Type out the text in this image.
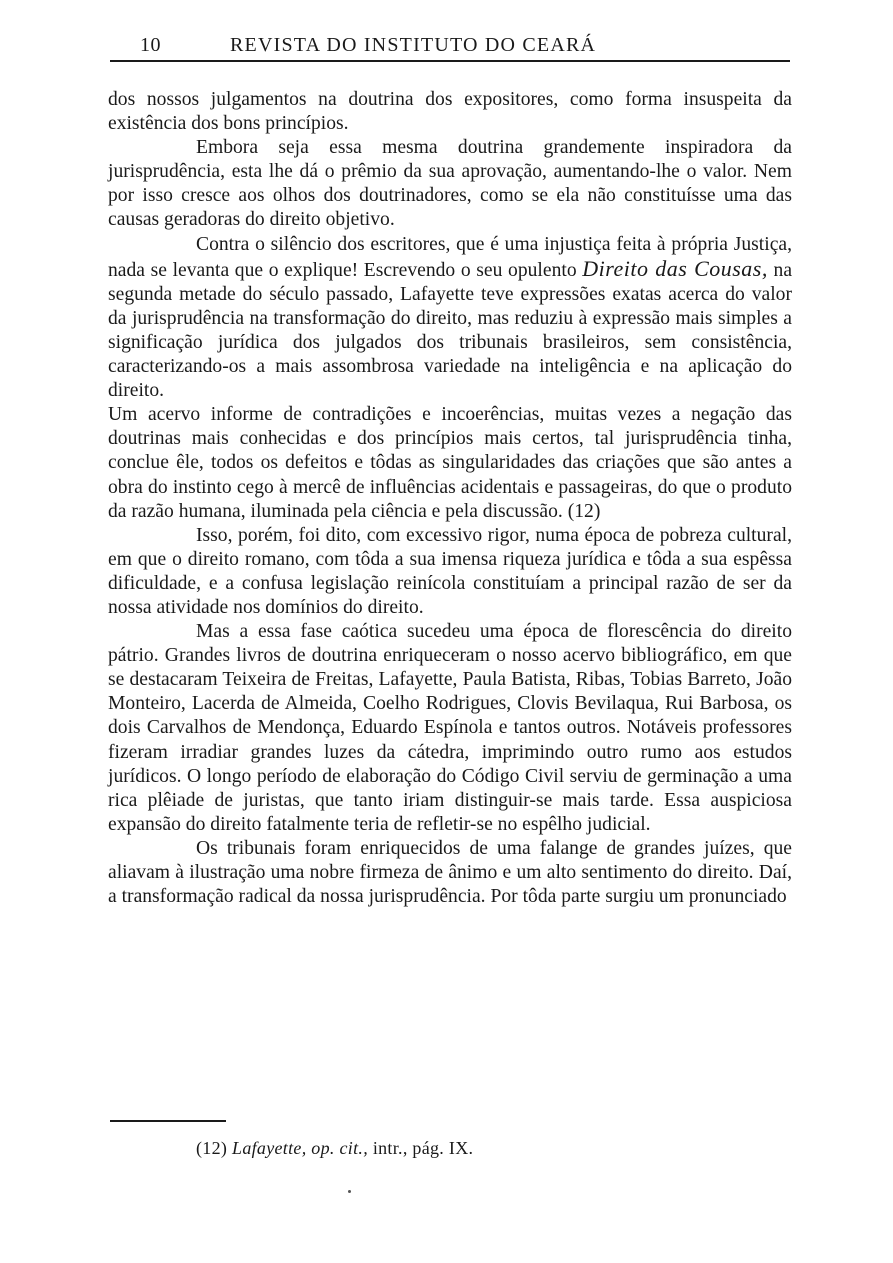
10	REVISTA DO INSTITUTO DO CEARÁ

dos nossos julgamentos na doutrina dos expositores, como forma insuspeita da existência dos bons princípios.

Embora seja essa mesma doutrina grandemente inspiradora da jurisprudência, esta lhe dá o prêmio da sua aprovação, aumentando-lhe o valor. Nem por isso cresce aos olhos dos doutrinadores, como se ela não constituísse uma das causas geradoras do direito objetivo.

Contra o silêncio dos escritores, que é uma injustiça feita à própria Justiça, nada se levanta que o explique! Escrevendo o seu opulento Direito das Cousas, na segunda metade do século passado, Lafayette teve expressões exatas acerca do valor da jurisprudência na transformação do direito, mas reduziu à expressão mais simples a significação jurídica dos julgados dos tribunais brasileiros, sem consistência, caracterizando-os a mais assombrosa variedade na inteligência e na aplicação do direito.

Um acervo informe de contradições e incoerências, muitas vezes a negação das doutrinas mais conhecidas e dos princípios mais certos, tal jurisprudência tinha, conclue êle, todos os defeitos e tôdas as singularidades das criações que são antes a obra do instinto cego à mercê de influências acidentais e passageiras, do que o produto da razão humana, iluminada pela ciência e pela discussão. (12)

Isso, porém, foi dito, com excessivo rigor, numa época de pobreza cultural, em que o direito romano, com tôda a sua imensa riqueza jurídica e tôda a sua espêssa dificuldade, e a confusa legislação reinícola constituíam a principal razão de ser da nossa atividade nos domínios do direito.

Mas a essa fase caótica sucedeu uma época de florescência do direito pátrio. Grandes livros de doutrina enriqueceram o nosso acervo bibliográfico, em que se destacaram Teixeira de Freitas, Lafayette, Paula Batista, Ribas, Tobias Barreto, João Monteiro, Lacerda de Almeida, Coelho Rodrigues, Clovis Bevilaqua, Rui Barbosa, os dois Carvalhos de Mendonça, Eduardo Espínola e tantos outros. Notáveis professores fizeram irradiar grandes luzes da cátedra, imprimindo outro rumo aos estudos jurídicos. O longo período de elaboração do Código Civil serviu de germinação a uma rica plêiade de juristas, que tanto iriam distinguir-se mais tarde. Essa auspiciosa expansão do direito fatalmente teria de refletir-se no espêlho judicial.

Os tribunais foram enriquecidos de uma falange de grandes juízes, que aliavam à ilustração uma nobre firmeza de ânimo e um alto sentimento do direito. Daí, a transformação radical da nossa jurisprudência. Por tôda parte surgiu um pronunciado

(12) Lafayette, op. cit., intr., pág. IX.
